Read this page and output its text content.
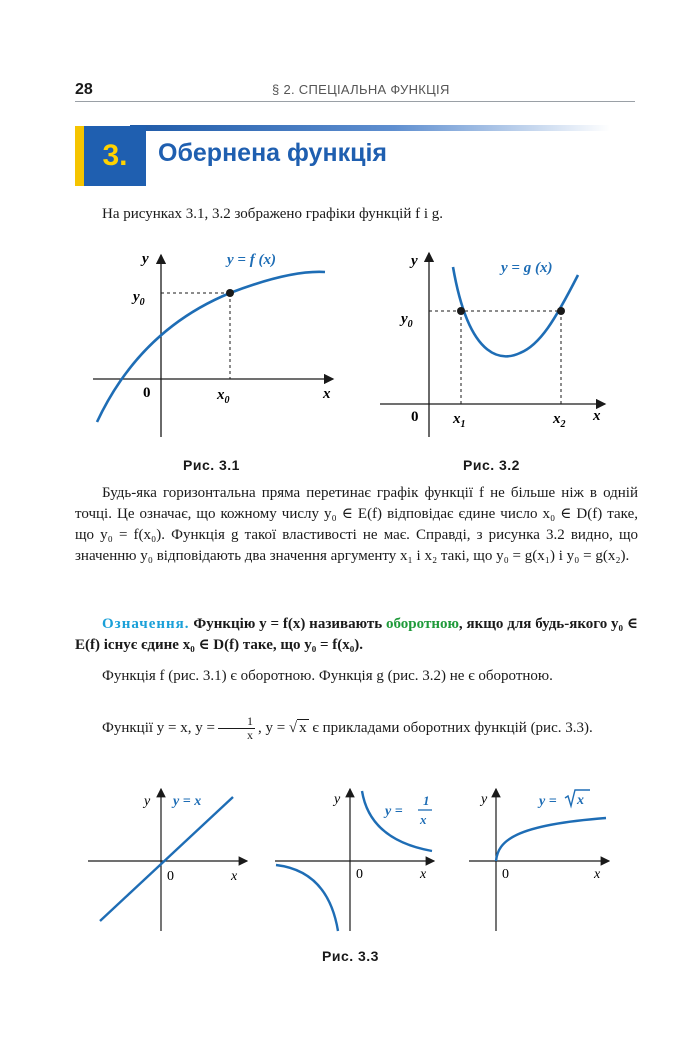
28	§ 2. СПЕЦІАЛЬНА ФУНКЦІЯ
3.	Обернена функція

На рисунках 3.1, 3.2 зображено графіки функцій f і g.

y = f (x)
y
x
0
$y_0$
$x_0$
Рис. 3.1
y = g (x)
y
x
0
$y_0$
$x_1$	$x_2$
Рис. 3.2

Будь-яка горизонтальна пряма перетинає графік функції f не більше ніж в одній точці. Це означає, що кожному числу y₀ ∈ E(f) відповідає єдине число x₀ ∈ D(f) таке, що y₀ = f(x₀). Функція g такої властивості не має. Справді, з рисунка 3.2 видно, що значенню y₀ відповідають два значення аргументу x₁ і x₂ такі, що y₀ = g(x₁) і y₀ = g(x₂).

Означення. Функцію y = f(x) називають оборотною, якщо для будь-якого y₀ ∈ E(f) існує єдине x₀ ∈ D(f) таке, що y₀ = f(x₀).

Функція f (рис. 3.1) є оборотною. Функція g (рис. 3.2) не є оборотною.

Функції y = x, $y = \frac{1}{x}$ , y = √ x є прикладами оборотних функцій (рис. 3.3).

y = x
y
x
0
y =
1
x
y
x
0
y = x
y
x
0
Рис. 3.3
